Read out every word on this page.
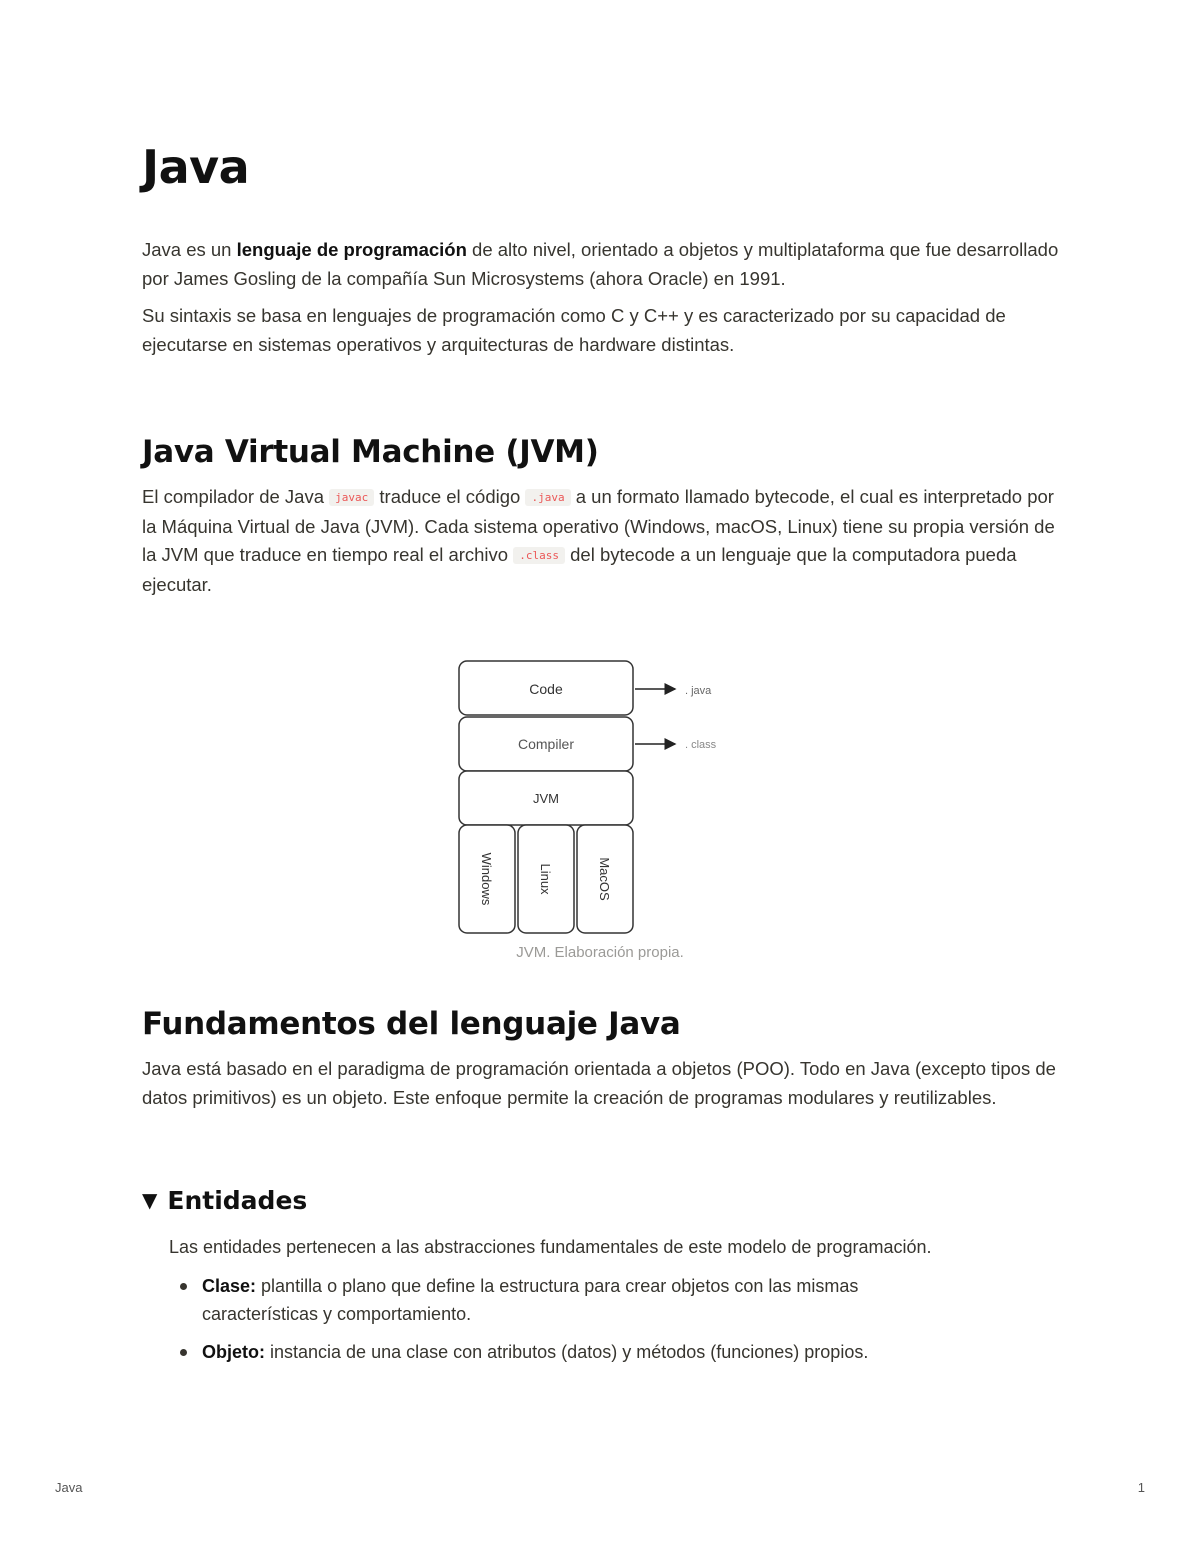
Java

Java es un lenguaje de programación de alto nivel, orientado a objetos y multiplataforma que fue desarrollado por James Gosling de la compañía Sun Microsystems (ahora Oracle) en 1991.

Su sintaxis se basa en lenguajes de programación como C y C++ y es caracterizado por su capacidad de ejecutarse en sistemas operativos y arquitecturas de hardware distintas.

Java Virtual Machine (JVM)

El compilador de Java javac traduce el código .java a un formato llamado bytecode, el cual es interpretado por la Máquina Virtual de Java (JVM). Cada sistema operativo (Windows, macOS, Linux) tiene su propia versión de la JVM que traduce en tiempo real el archivo .class del bytecode a un lenguaje que la computadora pueda ejecutar.

Code
Compiler
JVM
Windows	Linux	MacOS
. java
. class
JVM. Elaboración propia.
Fundamentos del lenguaje Java

Java está basado en el paradigma de programación orientada a objetos (POO). Todo en Java (excepto tipos de datos primitivos) es un objeto. Este enfoque permite la creación de programas modulares y reutilizables.

▼ Entidades

Las entidades pertenecen a las abstracciones fundamentales de este modelo de programación.

Clase: plantilla o plano que define la estructura para crear objetos con las mismas características y comportamiento.
Objeto: instancia de una clase con atributos (datos) y métodos (funciones) propios.
Java	1
